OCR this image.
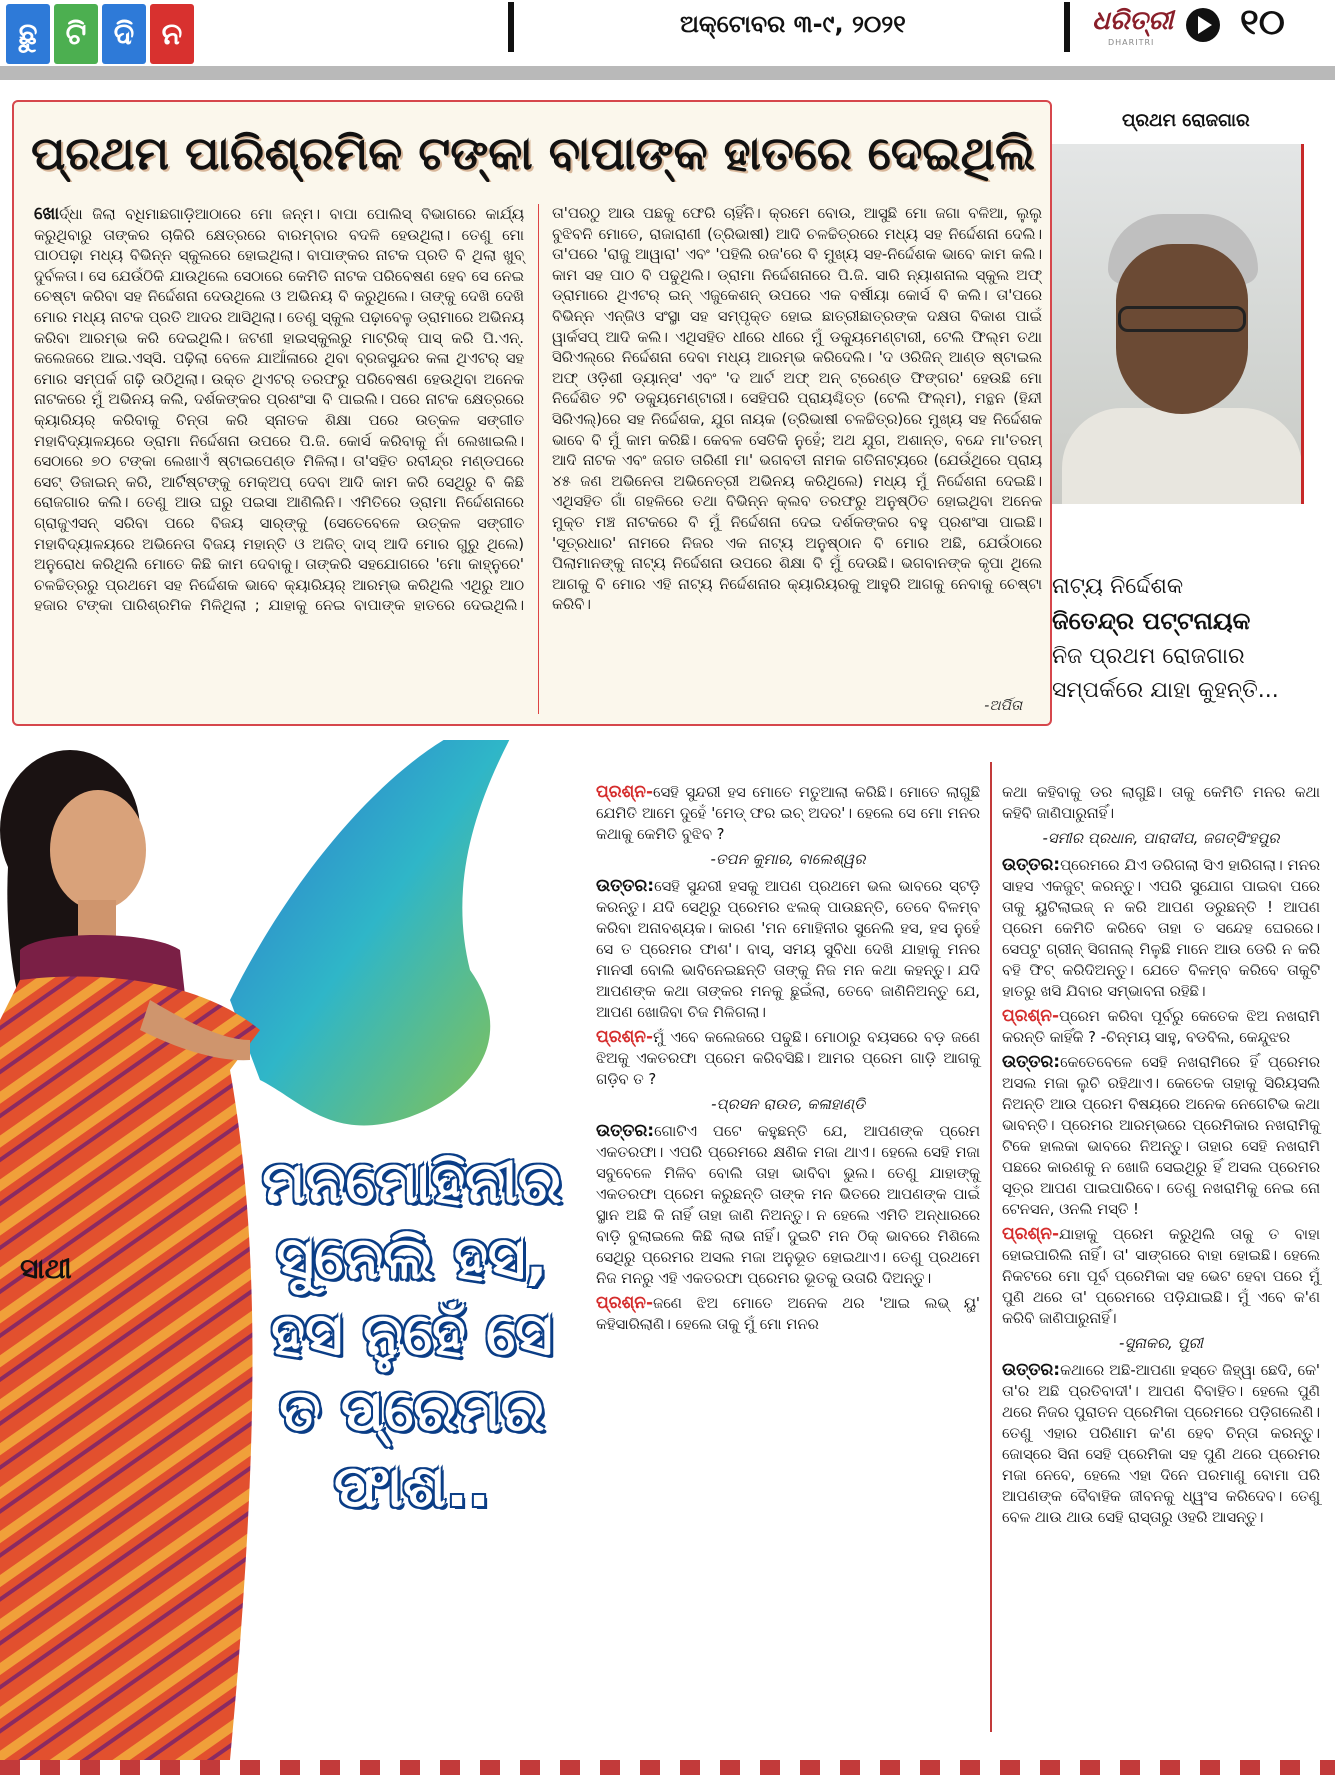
ଛୁ ଟି ଦି ନ	ଅକ୍ଟୋବର ୩-୯, ୨୦୨୧	ଧରିତ୍ରୀ
DHARITRI ୧୦
ପ୍ରଥମ ପାରିଶ୍ରମିକ ଟଙ୍କା ବାପାଙ୍କ ହାତରେ ଦେଇଥିଲି
ଖୋର୍ଦ୍ଧା ଜିଲା ବଧିମାଛଗାଡ଼ିଆଠାରେ ମୋ ଜନ୍ମ। ବାପା ପୋଲିସ୍ ବିଭାଗରେ କାର୍ଯ୍ୟ କରୁଥିବାରୁ ତାଙ୍କର ଚାକିରି କ୍ଷେତ୍ରରେ ବାରମ୍ବାର ବଦଳି ହେଉଥିଲା। ତେଣୁ ମୋ ପାଠପଢ଼ା ମଧ୍ୟ ବିଭିନ୍ନ ସ୍କୁଲରେ ହୋଇଥିଲା। ବାପାଙ୍କର ନାଟକ ପ୍ରତି ବି ଥିଲା ଖୁବ୍ ଦୁର୍ବଳତା। ସେ ଯେଉଁଠିକି ଯାଉଥିଲେ ସେଠାରେ କେମିତି ନାଟକ ପରିବେଷଣ ହେବ ସେ ନେଇ ଚେଷ୍ଟା କରିବା ସହ ନିର୍ଦ୍ଦେଶନା ଦେଉଥିଲେ ଓ ଅଭିନୟ ବି କରୁଥିଲେ। ତାଙ୍କୁ ଦେଖି ଦେଖି ମୋର ମଧ୍ୟ ନାଟକ ପ୍ରତି ଆଦର ଆସିଥିଲା। ତେଣୁ ସ୍କୁଲ ପଢ଼ାବେଳୁ ଡ୍ରାମାରେ ଅଭିନୟ କରିବା ଆରମ୍ଭ କରି ଦେଇଥିଲି। ଜଟଣୀ ହାଇସ୍କୁଲରୁ ମାଟ୍ରିକ୍ ପାସ୍ କରି ପି.ଏନ୍. କଲେଜରେ ଆଇ.ଏସ୍‌ସି. ପଢ଼ିଲା ବେଳେ ଯାଆଁଳାରେ ଥିବା ବ୍ରଜସୁନ୍ଦର କଳା ଥିଏଟର୍ ସହ ମୋର ସମ୍ପର୍କ ଗଢ଼ି ଉଠିଥିଲା। ଉକ୍ତ ଥିଏଟର୍ ତରଫରୁ ପରିବେଷଣ ହେଉଥିବା ଅନେକ ନାଟକରେ ମୁଁ ଅଭିନୟ କଲି, ଦର୍ଶକଙ୍କର ପ୍ରଶଂସା ବି ପାଇଲି। ପରେ ନାଟକ କ୍ଷେତ୍ରରେ କ୍ୟାରିୟର୍ କରିବାକୁ ଚିନ୍ତା କରି ସ୍ନାତକ ଶିକ୍ଷା ପରେ ଉତ୍କଳ ସଙ୍ଗୀତ ମହାବିଦ୍ୟାଳୟରେ ଡ୍ରାମା ନିର୍ଦ୍ଦେଶନା ଉପରେ ପି.ଜି. କୋର୍ସ କରିବାକୁ ନାଁ ଲେଖାଇଲି। ସେଠାରେ ୭୦ ଟଙ୍କା ଲେଖାଏଁ ଷ୍ଟାଇପେଣ୍ଡ ମିଳିଲା। ତା'ସହିତ ରବୀନ୍ଦ୍ର ମଣ୍ଡପରେ ସେଟ୍ ଡିଜାଇନ୍ କରି, ଆର୍ଟିଷ୍ଟଙ୍କୁ ମେକ୍‌ଅପ୍ ଦେବା ଆଦି କାମ କରି ସେଥିରୁ ବି କିଛି ରୋଜଗାର କଲି। ତେଣୁ ଆଉ ଘରୁ ପଇସା ଆଣିଲିନି। ଏମିତିରେ ଡ୍ରାମା ନିର୍ଦ୍ଦେଶନାରେ ଗ୍ରାଜୁଏସନ୍ ସରିବା ପରେ ବିଜୟ ସାର୍‌ଙ୍କୁ (ସେତେବେଳେ ଉତ୍କଳ ସଙ୍ଗୀତ ମହାବିଦ୍ୟାଳୟରେ ଅଭିନେତା ବିଜୟ ମହାନ୍ତି ଓ ଅଜିତ୍ ଦାସ୍ ଆଦି ମୋର ଗୁରୁ ଥିଲେ) ଅନୁରୋଧ କରିଥିଲି ମୋତେ କିଛି କାମ ଦେବାକୁ। ତାଙ୍କରି ସହଯୋଗରେ 'ମୋ କାହ୍ନୁରେ' ଚଳଚ୍ଚିତ୍ରରୁ ପ୍ରଥମେ ସହ ନିର୍ଦ୍ଦେଶକ ଭାବେ କ୍ୟାରିୟର୍ ଆରମ୍ଭ କରିଥିଲି ଏଥିରୁ ଆଠ ହଜାର ଟଙ୍କା ପାରିଶ୍ରମିକ ମିଳିଥିଲା ; ଯାହାକୁ ନେଇ ବାପାଙ୍କ ହାତରେ ଦେଇଥିଲି। ତା'ପରଠୁ ଆଉ ପଛକୁ ଫେରି ଚାହିଁନି। କ୍ରମେ ବୋଉ, ଆସୁଛି ମୋ ଜଗା ବଳିଆ, ଲୁଲୁ ବୁଝିବନି ମୋତେ, ରାଜାରାଣୀ (ତ୍ରିଭାଷୀ) ଆଦି ଚଳଚ୍ଚିତ୍ରରେ ମଧ୍ୟ ସହ ନିର୍ଦ୍ଦେଶନା ଦେଲି। ତା'ପରେ 'ରାଜୁ ଆୱାରା' ଏବଂ 'ପହିଲି ରଜ'ରେ ବି ମୁଖ୍ୟ ସହ-ନିର୍ଦ୍ଦେଶକ ଭାବେ କାମ କଲି। କାମ ସହ ପାଠ ବି ପଢୁଥିଲି। ଡ୍ରାମା ନିର୍ଦ୍ଦେଶନାରେ ପି.ଜି. ସାରି ନ୍ୟାଶନାଲ ସ୍କୁଲ ଅଫ୍ ଡ୍ରାମାରେ ଥିଏଟର୍ ଇନ୍ ଏଜୁକେଶନ୍ ଉପରେ ଏକ ବର୍ଷୀୟା କୋର୍ସ ବି କଲି। ତା'ପରେ ବିଭିନ୍ନ ଏନ୍‌ଜିଓ ସଂସ୍ଥା ସହ ସମ୍ପୃକ୍ତ ହୋଇ ଛାତ୍ରୀଛାତ୍ରଙ୍କ ଦକ୍ଷତା ବିକାଶ ପାଇଁ ୱାର୍କସପ୍ ଆଦି କଲି। ଏଥିସହିତ ଧୀରେ ଧୀରେ ମୁଁ ଡକ୍ୟୁମେଣ୍ଟାରୀ, ଟେଲି ଫିଲ୍ମ ତଥା ସିରିଏଲ୍‌ରେ ନିର୍ଦ୍ଦେଶନା ଦେବା ମଧ୍ୟ ଆରମ୍ଭ କରିଦେଲି। 'ଦ ଓରିଜିନ୍ ଆଣ୍ଡ ଷ୍ଟାଇଲ ଅଫ୍ ଓଡ଼ିଶୀ ଡ୍ୟାନ୍ସ' ଏବଂ 'ଦ ଆର୍ଟ ଅଫ୍ ଅନ୍ ଟ୍ରେଣ୍ଡ ଫିଙ୍ଗର' ହେଉଛି ମୋ ନିର୍ଦ୍ଦେଶିତ ୨ଟି ଡକ୍ୟୁମେଣ୍ଟାରୀ। ସେହିପରି ପ୍ରାୟଶ୍ଚିତ୍ତ (ଟେଲି ଫିଲ୍ମ), ମନ୍ଥନ (ହିନ୍ଦୀ ସିରିଏଲ୍)ରେ ସହ ନିର୍ଦ୍ଦେଶକ, ଯୁଗ ନାୟକ (ତ୍ରିଭାଷୀ ଚଳଚ୍ଚିତ୍ର)ରେ ମୁଖ୍ୟ ସହ ନିର୍ଦ୍ଦେଶକ ଭାବେ ବି ମୁଁ କାମ କରିଛି। କେବଳ ସେତିକି ନୁହେଁ; ଅଥ ଯୁଗ, ଅଶାନ୍ତ, ବନ୍ଦେ ମା'ତରମ୍ ଆଦି ନାଟକ ଏବଂ ଜଗତ ତାରିଣୀ ମା' ଭଗବତୀ ନାମକ ଗତିନାଟ୍ୟରେ (ଯେଉଁଥିରେ ପ୍ରାୟ ୪୫ ଜଣ ଅଭିନେତା ଅଭିନେତ୍ରୀ ଅଭିନୟ କରିଥିଲେ) ମଧ୍ୟ ମୁଁ ନିର୍ଦ୍ଦେଶନା ଦେଇଛି। ଏଥିସହିତ ଗାଁ ଗହଳିରେ ତଥା ବିଭିନ୍ନ କ୍ଲବ ତରଫରୁ ଅନୁଷ୍ଠିତ ହୋଇଥିବା ଅନେକ ମୁକ୍ତ ମଞ୍ଚ ନାଟକରେ ବି ମୁଁ ନିର୍ଦ୍ଦେଶନା ଦେଇ ଦର୍ଶକଙ୍କର ବହୁ ପ୍ରଶଂସା ପାଇଛି। 'ସୂତ୍ରଧାର' ନାମରେ ନିଜର ଏକ ନାଟ୍ୟ ଅନୁଷ୍ଠାନ ବି ମୋର ଅଛି, ଯେଉଁଠାରେ ପିଲାମାନଙ୍କୁ ନାଟ୍ୟ ନିର୍ଦ୍ଦେଶନା ଉପରେ ଶିକ୍ଷା ବି ମୁଁ ଦେଉଛି। ଭଗବାନଙ୍କ କୃପା ଥିଲେ ଆଗକୁ ବି ମୋର ଏହି ନାଟ୍ୟ ନିର୍ଦ୍ଦେଶନାର କ୍ୟାରିୟରକୁ ଆହୁରି ଆଗକୁ ନେବାକୁ ଚେଷ୍ଟା କରିବି।
-ଅର୍ପିତା
ପ୍ରଥମ ରୋଜଗାର
ନାଟ୍ୟ ନିର୍ଦ୍ଦେଶକ
ଜିତେନ୍ଦ୍ର ପଟ୍ଟନାୟକ
ନିଜ ପ୍ରଥମ ରୋଜଗାର
ସମ୍ପର୍କରେ ଯାହା କୁହନ୍ତି...
ମନମୋହିନୀର
ସୁନେଲି ହସ,
ହସ ନୁହେଁ ସେ
ତ ପ୍ରେମର ଫାଶ..
ସାଥୀ
ପ୍ରଶ୍ନ-ସେହି ସୁନ୍ଦରୀ ହସ ମୋତେ ମତୁଆଲା କରିଛି। ମୋତେ ଲାଗୁଛି ଯେମିତି ଆମେ ଦୁହେଁ 'ମେଡ୍ ଫର ଇଚ୍ ଅଦର'। ହେଲେ ସେ ମୋ ମନର କଥାକୁ କେମିତି ବୁଝିବ ?
-ତପନ କୁମାର, ବାଲେଶ୍ୱର
ଉତ୍ତର:ସେହି ସୁନ୍ଦରୀ ହସକୁ ଆପଣ ପ୍ରଥମେ ଭଲ ଭାବରେ ସ୍ଟଡ଼ି କରନ୍ତୁ। ଯଦି ସେଥିରୁ ପ୍ରେମର ଝଲକ୍ ପାଉଛନ୍ତି, ତେବେ ବିଳମ୍ବ କରିବା ଅନାବଶ୍ୟକ। କାରଣ 'ମନ ମୋହିନୀର ସୁନେଲି ହସ, ହସ ନୁହେଁ ସେ ତ ପ୍ରେମର ଫାଶ'। ବାସ୍, ସମୟ ସୁବିଧା ଦେଖି ଯାହାକୁ ମନର ମାନସୀ ବୋଲି ଭାବିନେଇଛନ୍ତି ତାଙ୍କୁ ନିଜ ମନ କଥା କହନ୍ତୁ। ଯଦି ଆପଣଙ୍କ କଥା ତାଙ୍କର ମନକୁ ଛୁଇଁଲା, ତେବେ ଜାଣିନିଅନ୍ତୁ ଯେ, ଆପଣ ଖୋଜିବା ଚିଜ ମିଳିଗଲା।
ପ୍ରଶ୍ନ-ମୁଁ ଏବେ କଲେଜରେ ପଢୁଛି। ମୋଠାରୁ ବୟସରେ ବଡ଼ ଜଣେ ଝିଅକୁ ଏକତରଫା ପ୍ରେମ କରିବସିଛି। ଆମର ପ୍ରେମ ଗାଡ଼ି ଆଗକୁ ଗଡ଼ିବ ତ ?
-ପ୍ରସନ ରାଉତ, କଳାହାଣ୍ଡି
ଉତ୍ତର:ଗୋଟିଏ ପଟେ କହୁଛନ୍ତି ଯେ, ଆପଣଙ୍କ ପ୍ରେମ ଏକତରଫା। ଏପରି ପ୍ରେମରେ କ୍ଷଣିକ ମଜା ଥାଏ। ହେଲେ ସେହି ମଜା ସବୁବେଳେ ମିଳିବ ବୋଲି ତାହା ଭାବିବା ଭୁଲ। ତେଣୁ ଯାହାଙ୍କୁ ଏକତରଫା ପ୍ରେମ କରୁଛନ୍ତି ତାଙ୍କ ମନ ଭିତରେ ଆପଣଙ୍କ ପାଇଁ ସ୍ଥାନ ଅଛି କି ନାହିଁ ତାହା ଜାଣି ନିଅନ୍ତୁ। ନ ହେଲେ ଏମିତି ଅନ୍ଧାରରେ ବାଡ଼ି ବୁଲାଇଲେ କିଛି ଲାଭ ନାହିଁ। ଦୁଇଟି ମନ ଠିକ୍ ଭାବରେ ମିଶିଲେ ସେଥିରୁ ପ୍ରେମର ଅସଲ ମଜା ଅନୁଭୂତ ହୋଇଥାଏ। ତେଣୁ ପ୍ରଥମେ ନିଜ ମନରୁ ଏହି ଏକତରଫା ପ୍ରେମର ଭୂତକୁ ଉତାରି ଦିଅନ୍ତୁ।
ପ୍ରଶ୍ନ-ଜଣେ ଝିଅ ମୋତେ ଅନେକ ଥର 'ଆଇ ଲଭ୍ ୟୁ' କହିସାରିଲାଣି। ହେଲେ ତାକୁ ମୁଁ ମୋ ମନର
କଥା କହିବାକୁ ଡର ଲାଗୁଛି। ତାକୁ କେମିତି ମନର କଥା କହିବି ଜାଣିପାରୁନାହିଁ।
-ସମୀର ପ୍ରଧାନ, ପାରାଦୀପ, ଜଗତ୍‌ସିଂହପୁର
ଉତ୍ତର:ପ୍ରେମରେ ଯିଏ ଡରିଗଲା ସିଏ ହାରିଗଲା। ମନର ସାହସ ଏକଜୁଟ୍ କରନ୍ତୁ। ଏପରି ସୁଯୋଗ ପାଇବା ପରେ ତାକୁ ୟୁଟିଲାଇଜ୍ ନ କରି ଆପଣ ଡରୁଛନ୍ତି ! ଆପଣ ପ୍ରେମ କେମିତି କରିବେ ତାହା ତ ସନ୍ଦେହ ଘେରରେ। ସେପଟୁ ଗ୍ରୀନ୍ ସିଗନାଲ୍ ମିଳୁଛି ମାନେ ଆଉ ଡେରି ନ କରି ବହି ଫିଟ୍ କରିଦିଅନ୍ତୁ। ଯେତେ ବିଳମ୍ବ କରିବେ ତାକୁଟି ହାତରୁ ଖସି ଯିବାର ସମ୍ଭାବନା ରହିଛି।
ପ୍ରଶ୍ନ-ପ୍ରେମ କରିବା ପୂର୍ବରୁ କେତେକ ଝିଅ ନଖରାମି କରନ୍ତି କାହିଁକି ? -ଚିନ୍ମୟ ସାହୁ, ବଡବିଲ, କେନ୍ଦୁଝର
ଉତ୍ତର:କେତେବେଳେ ସେହି ନଖରାମିରେ ହିଁ ପ୍ରେମର ଅସଲ ମଜା ଲୁଚି ରହିଥାଏ। କେତେକ ତାହାକୁ ସିରିୟସଲି ନିଅନ୍ତି ଆଉ ପ୍ରେମ ବିଷୟରେ ଅନେକ ନେଗେଟିଭ କଥା ଭାବନ୍ତି। ପ୍ରେମର ଆରମ୍ଭରେ ପ୍ରେମିକାର ନଖରାମିକୁ ଟିକେ ହାଲକା ଭାବରେ ନିଅନ୍ତୁ। ତାହାର ସେହି ନଖରାମି ପଛରେ କାରଣକୁ ନ ଖୋଜି ସେଇଥିରୁ ହିଁ ଅସଲ ପ୍ରେମର ସୂତ୍ର ଆପଣ ପାଇପାରିବେ। ତେଣୁ ନଖରାମିକୁ ନେଇ ନୋ ଟେନସନ, ଓନଲି ମସ୍ତି !
ପ୍ରଶ୍ନ-ଯାହାକୁ ପ୍ରେମ କରୁଥିଲି ତାକୁ ତ ବାହା ହୋଇପାରିଲି ନାହିଁ। ତା' ସାଙ୍ଗରେ ବାହା ହୋଇଛି। ହେଲେ ନିକଟରେ ମୋ ପୂର୍ବ ପ୍ରେମିକା ସହ ଭେଟ ହେବା ପରେ ମୁଁ ପୁଣି ଥରେ ତା' ପ୍ରେମରେ ପଡ଼ିଯାଇଛି। ମୁଁ ଏବେ କ'ଣ କରିବି ଜାଣିପାରୁନାହିଁ।
-ସୁନାକର, ପୁରୀ
ଉତ୍ତର:କଥାରେ ଅଛି-ଆପଣା ହସ୍ତେ ଜିହ୍ୱା ଛେଦି, କେ' ତା'ର ଅଛି ପ୍ରତିବାଦୀ'। ଆପଣ ବିବାହିତ। ହେଲେ ପୁଣି ଥରେ ନିଜର ପୁରାତନ ପ୍ରେମିକା ପ୍ରେମରେ ପଡ଼ିଗଲେଣି। ତେଣୁ ଏହାର ପରିଣାମ କ'ଣ ହେବ ଚିନ୍ତା କରନ୍ତୁ। ଜୋସ୍‌ରେ ସିନା ସେହି ପ୍ରେମିକା ସହ ପୁଣି ଥରେ ପ୍ରେମର ମଜା ନେବେ, ହେଲେ ଏହା ଦିନେ ପରମାଣୁ ବୋମା ପରି ଆପଣଙ୍କ ବୈବାହିକ ଜୀବନକୁ ଧ୍ୱଂସ କରିଦେବ। ତେଣୁ ବେଳ ଥାଉ ଥାଉ ସେହି ରାସ୍ତାରୁ ଓହରି ଆସନ୍ତୁ।
